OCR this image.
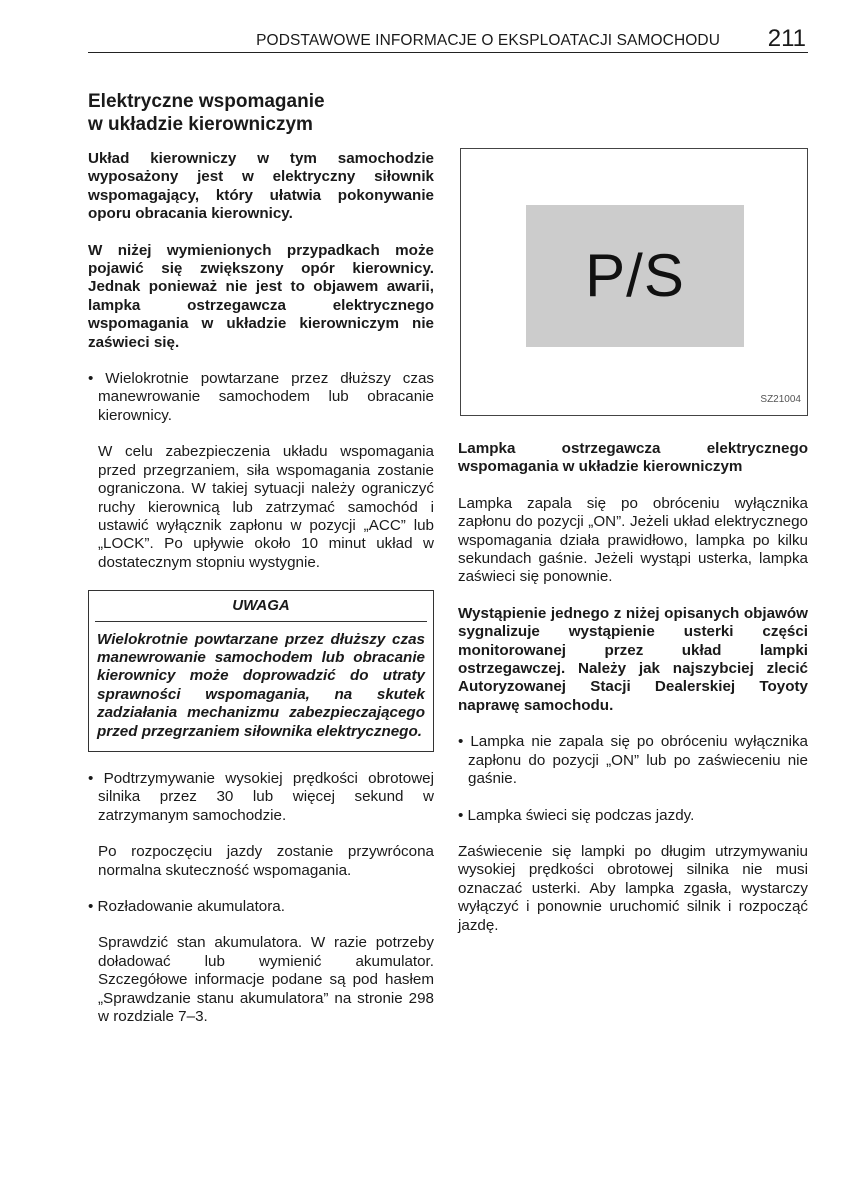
PODSTAWOWE INFORMACJE O EKSPLOATACJI SAMOCHODU 211
Elektryczne wspomaganie
w układzie kierowniczym

Układ kierowniczy w tym samochodzie wyposażony jest w elektryczny siłownik wspomagający, który ułatwia pokonywanie oporu obracania kierownicy.

W niżej wymienionych przypadkach może pojawić się zwiększony opór kierownicy. Jednak ponieważ nie jest to objawem awarii, lampka ostrzegawcza elektrycznego wspomagania w układzie kierowniczym nie zaświeci się.

• Wielokrotnie powtarzane przez dłuższy czas manewrowanie samochodem lub obracanie kierownicy.

W celu zabezpieczenia układu wspomagania przed przegrzaniem, siła wspomagania zostanie ograniczona. W takiej sytuacji należy ograniczyć ruchy kierownicą lub zatrzymać samochód i ustawić wyłącznik zapłonu w pozycji „ACC” lub „LOCK”. Po upływie około 10 minut układ w dostatecznym stopniu wystygnie.

UWAGA
Wielokrotnie powtarzane przez dłuższy czas manewrowanie samochodem lub obracanie kierownicy może doprowadzić do utraty sprawności wspomagania, na skutek zadziałania mechanizmu zabezpieczającego przed przegrzaniem siłownika elektrycznego.

• Podtrzymywanie wysokiej prędkości obrotowej silnika przez 30 lub więcej sekund w zatrzymanym samochodzie.

Po rozpoczęciu jazdy zostanie przywrócona normalna skuteczność wspomagania.

• Rozładowanie akumulatora.

Sprawdzić stan akumulatora. W razie potrzeby doładować lub wymienić akumulator. Szczegółowe informacje podane są pod hasłem „Sprawdzanie stanu akumulatora” na stronie 298 w rozdziale 7–3.

P/S
SZ21004

Lampka ostrzegawcza elektrycznego wspomagania w układzie kierowniczym

Lampka zapala się po obróceniu wyłącznika zapłonu do pozycji „ON”. Jeżeli układ elektrycznego wspomagania działa prawidłowo, lampka po kilku sekundach gaśnie. Jeżeli wystąpi usterka, lampka zaświeci się ponownie.

Wystąpienie jednego z niżej opisanych objawów sygnalizuje wystąpienie usterki części monitorowanej przez układ lampki ostrzegawczej. Należy jak najszybciej zlecić Autoryzowanej Stacji Dealerskiej Toyoty naprawę samochodu.

• Lampka nie zapala się po obróceniu wyłącznika zapłonu do pozycji „ON” lub po zaświeceniu nie gaśnie.

• Lampka świeci się podczas jazdy.

Zaświecenie się lampki po długim utrzymywaniu wysokiej prędkości obrotowej silnika nie musi oznaczać usterki. Aby lampka zgasła, wystarczy wyłączyć i ponownie uruchomić silnik i rozpocząć jazdę.
